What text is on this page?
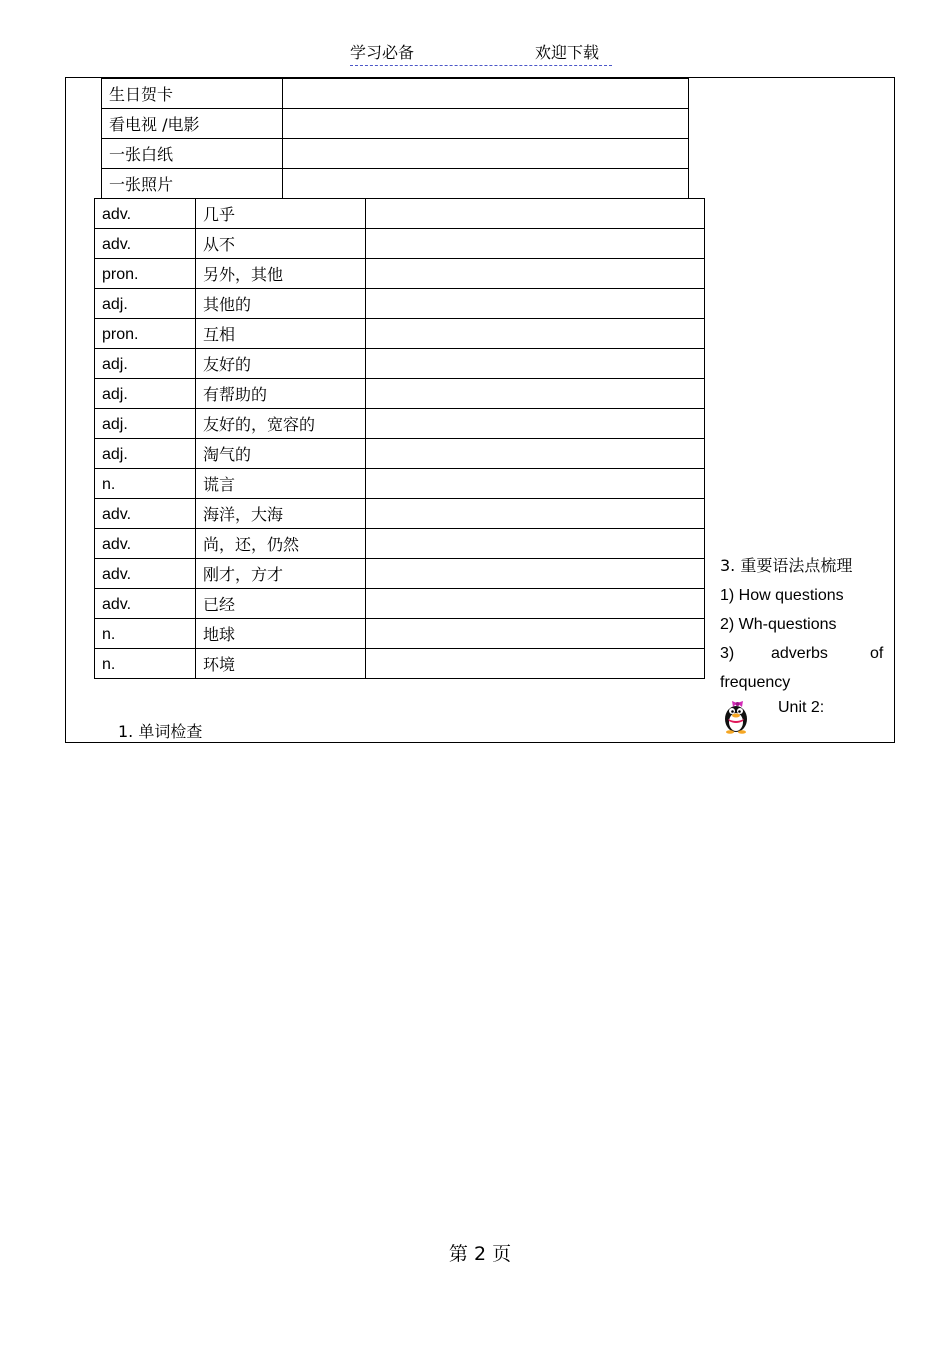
学习必备	欢迎下载
生日贺卡	
看电视 /电影	
一张白纸	
一张照片	
adv.	几乎	
adv.	从不	
pron.	另外，其他	
adj.	其他的	
pron.	互相	
adj.	友好的	
adj.	有帮助的	
adj.	友好的，宽容的	
adj.	淘气的	
n.	谎言	
adv.	海洋，大海	
adv.	尚，还，仍然	
adv.	刚才，方才	
adv.	已经	
n.	地球	
n.	环境	
3. 重要语法点梳理
1) How questions
2) Wh-questions
3) adverbs	of
frequency
Unit 2:
1. 单词检查
第 2 页
